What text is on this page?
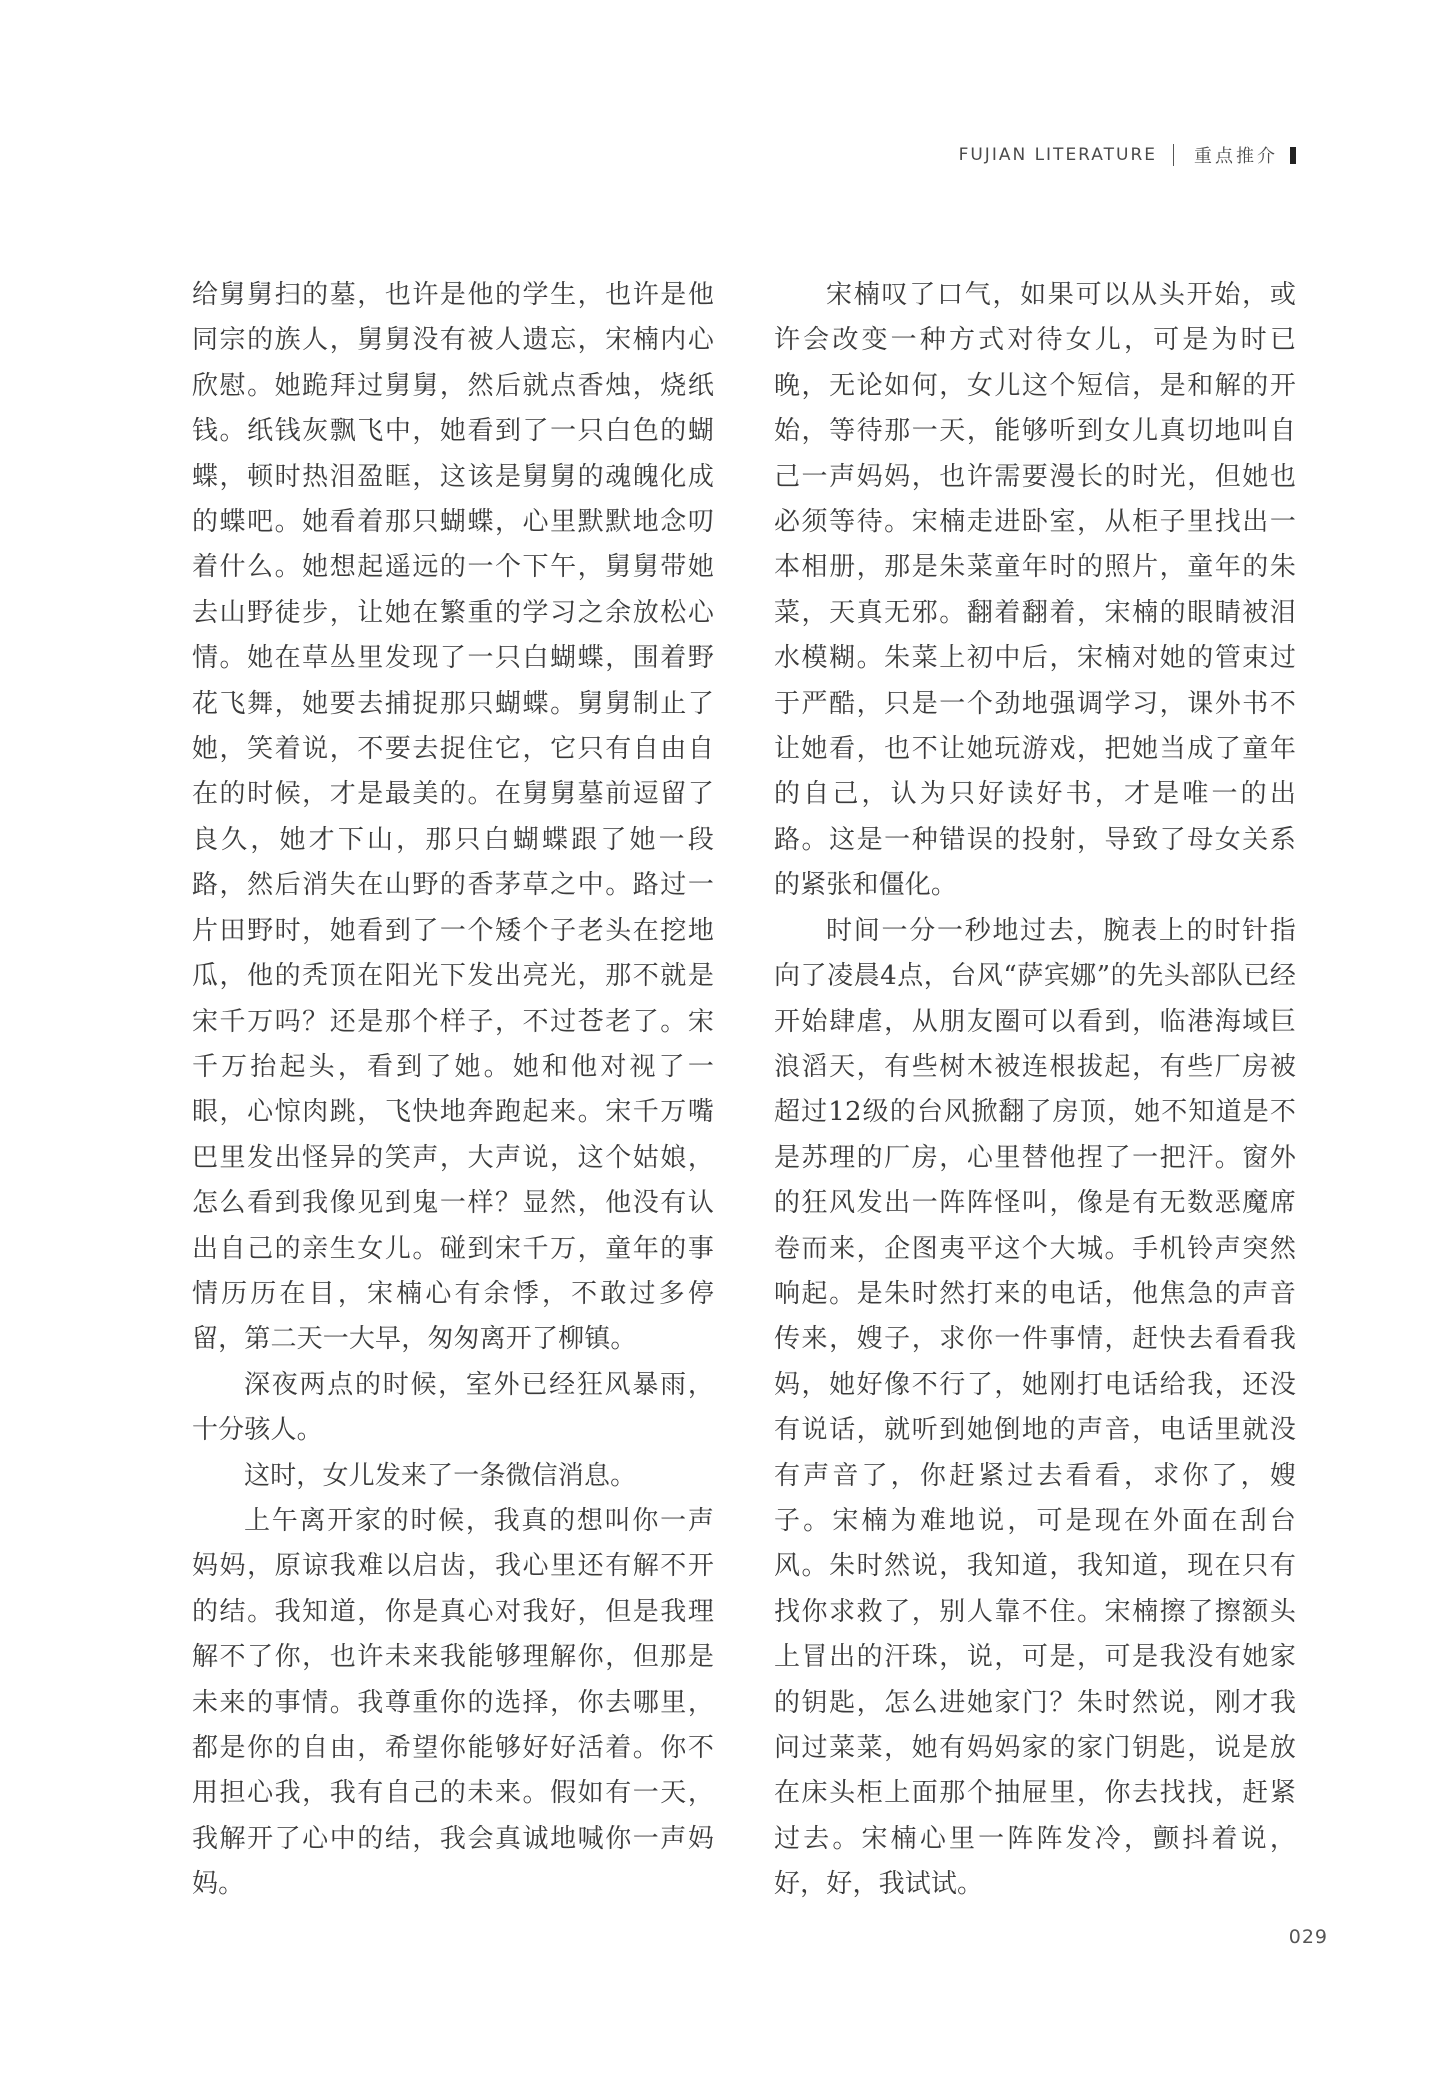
FUJIAN LITERATURE 重点推介

给舅舅扫的墓，也许是他的学生，也许是他同宗的族人，舅舅没有被人遗忘，宋楠内心欣慰。她跪拜过舅舅，然后就点香烛，烧纸钱。纸钱灰飘飞中，她看到了一只白色的蝴蝶，顿时热泪盈眶，这该是舅舅的魂魄化成的蝶吧。她看着那只蝴蝶，心里默默地念叨着什么。她想起遥远的一个下午，舅舅带她去山野徒步，让她在繁重的学习之余放松心情。她在草丛里发现了一只白蝴蝶，围着野花飞舞，她要去捕捉那只蝴蝶。舅舅制止了她，笑着说，不要去捉住它，它只有自由自在的时候，才是最美的。在舅舅墓前逗留了良久，她才下山，那只白蝴蝶跟了她一段路，然后消失在山野的香茅草之中。路过一片田野时，她看到了一个矮个子老头在挖地瓜，他的秃顶在阳光下发出亮光，那不就是宋千万吗？还是那个样子，不过苍老了。宋千万抬起头，看到了她。她和他对视了一眼，心惊肉跳，飞快地奔跑起来。宋千万嘴巴里发出怪异的笑声，大声说，这个姑娘，怎么看到我像见到鬼一样？显然，他没有认出自己的亲生女儿。碰到宋千万，童年的事情历历在目，宋楠心有余悸，不敢过多停留，第二天一大早，匆匆离开了柳镇。

深夜两点的时候，室外已经狂风暴雨，十分骇人。

这时，女儿发来了一条微信消息。

上午离开家的时候，我真的想叫你一声妈妈，原谅我难以启齿，我心里还有解不开的结。我知道，你是真心对我好，但是我理解不了你，也许未来我能够理解你，但那是未来的事情。我尊重你的选择，你去哪里，都是你的自由，希望你能够好好活着。你不用担心我，我有自己的未来。假如有一天，我解开了心中的结，我会真诚地喊你一声妈妈。

宋楠叹了口气，如果可以从头开始，或许会改变一种方式对待女儿，可是为时已晚，无论如何，女儿这个短信，是和解的开始，等待那一天，能够听到女儿真切地叫自己一声妈妈，也许需要漫长的时光，但她也必须等待。宋楠走进卧室，从柜子里找出一本相册，那是朱菜童年时的照片，童年的朱菜，天真无邪。翻着翻着，宋楠的眼睛被泪水模糊。朱菜上初中后，宋楠对她的管束过于严酷，只是一个劲地强调学习，课外书不让她看，也不让她玩游戏，把她当成了童年的自己，认为只好读好书，才是唯一的出路。这是一种错误的投射，导致了母女关系的紧张和僵化。

时间一分一秒地过去，腕表上的时针指向了凌晨4点，台风“萨宾娜”的先头部队已经开始肆虐，从朋友圈可以看到，临港海域巨浪滔天，有些树木被连根拔起，有些厂房被超过12级的台风掀翻了房顶，她不知道是不是苏理的厂房，心里替他捏了一把汗。窗外的狂风发出一阵阵怪叫，像是有无数恶魔席卷而来，企图夷平这个大城。手机铃声突然响起。是朱时然打来的电话，他焦急的声音传来，嫂子，求你一件事情，赶快去看看我妈，她好像不行了，她刚打电话给我，还没有说话，就听到她倒地的声音，电话里就没有声音了，你赶紧过去看看，求你了，嫂子。宋楠为难地说，可是现在外面在刮台风。朱时然说，我知道，我知道，现在只有找你求救了，别人靠不住。宋楠擦了擦额头上冒出的汗珠，说，可是，可是我没有她家的钥匙，怎么进她家门？朱时然说，刚才我问过菜菜，她有妈妈家的家门钥匙，说是放在床头柜上面那个抽屉里，你去找找，赶紧过去。宋楠心里一阵阵发冷，颤抖着说，好，好，我试试。

029
